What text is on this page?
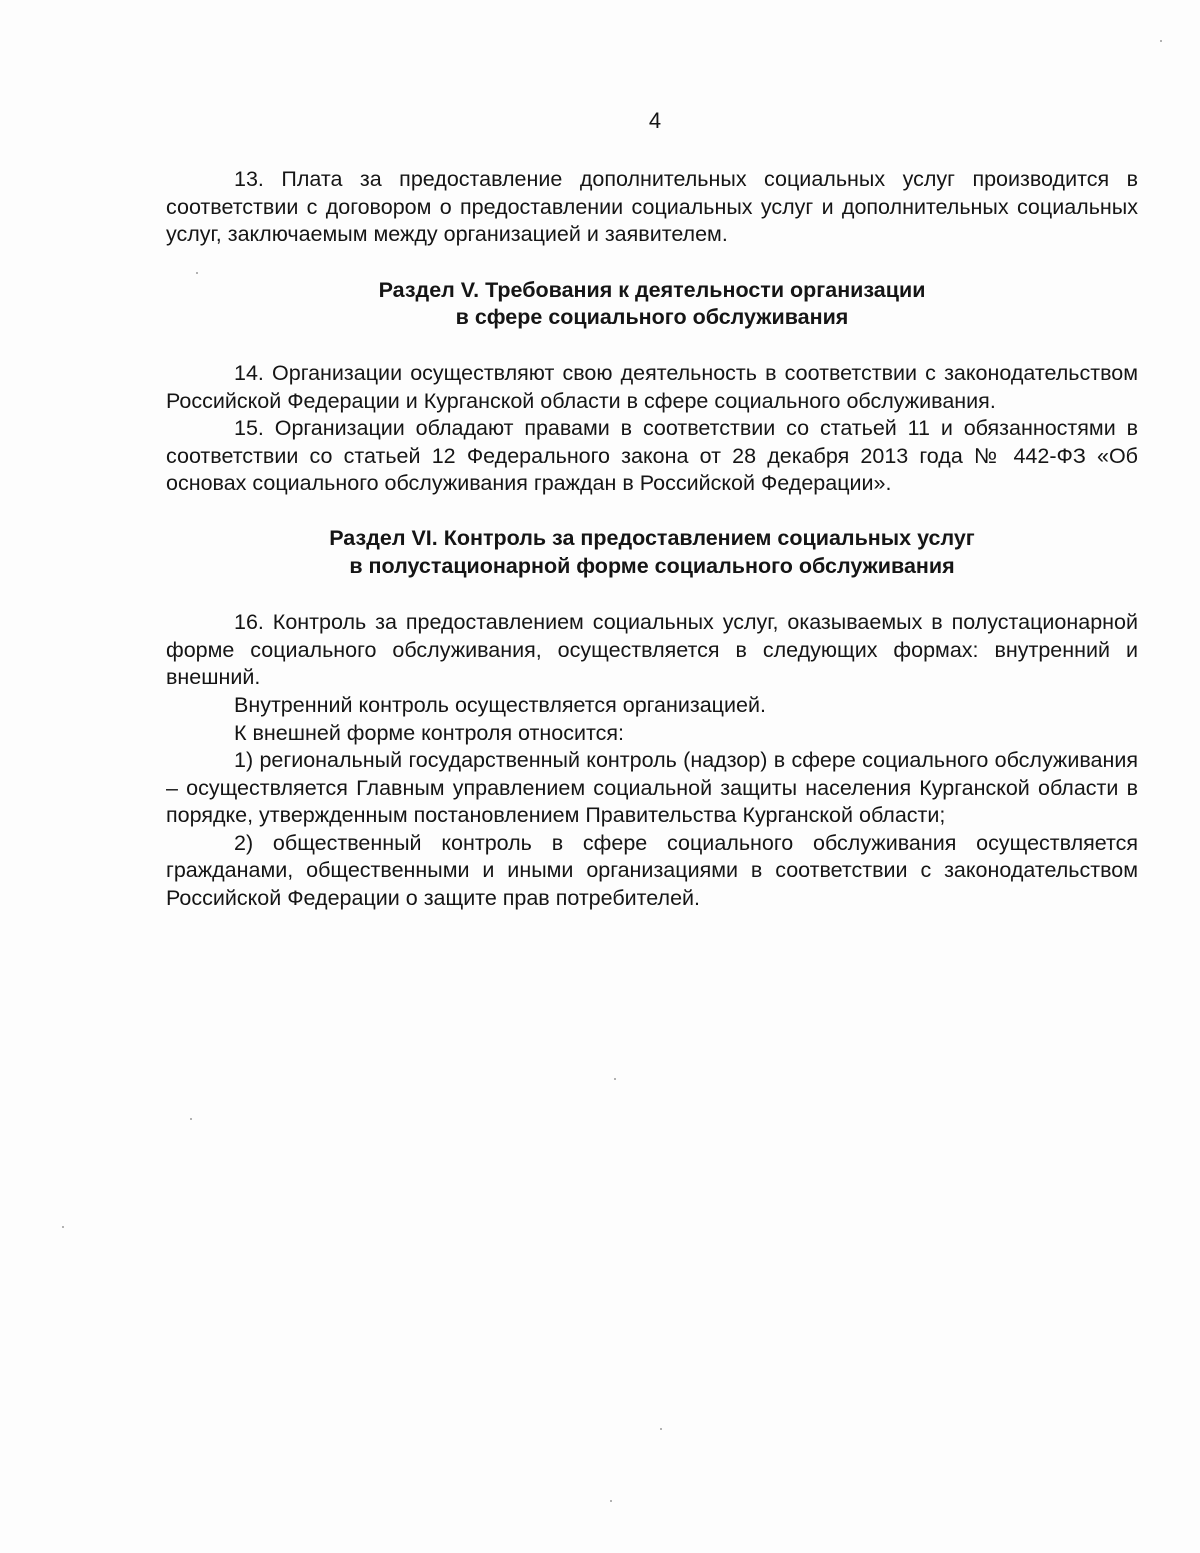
4

13. Плата за предоставление дополнительных социальных услуг производится в соответствии с договором о предоставлении социальных услуг и дополнительных социальных услуг, заключаемым между организацией и заявителем.

Раздел V. Требования к деятельности организации
в сфере социального обслуживания

14. Организации осуществляют свою деятельность в соответствии с законодательством Российской Федерации и Курганской области в сфере социального обслуживания.

15. Организации обладают правами в соответствии со статьей 11 и обязанностями в соответствии со статьей 12 Федерального закона от 28 декабря 2013 года № 442-ФЗ «Об основах социального обслуживания граждан в Российской Федерации».

Раздел VI. Контроль за предоставлением социальных услуг
в полустационарной форме социального обслуживания

16. Контроль за предоставлением социальных услуг, оказываемых в полустационарной форме социального обслуживания, осуществляется в следующих формах: внутренний и внешний.

Внутренний контроль осуществляется организацией.

К внешней форме контроля относится:

1) региональный государственный контроль (надзор) в сфере социального обслуживания – осуществляется Главным управлением социальной защиты населения Курганской области в порядке, утвержденным постановлением Правительства Курганской области;

2) общественный контроль в сфере социального обслуживания осуществляется гражданами, общественными и иными организациями в соответствии с законодательством Российской Федерации о защите прав потребителей.
